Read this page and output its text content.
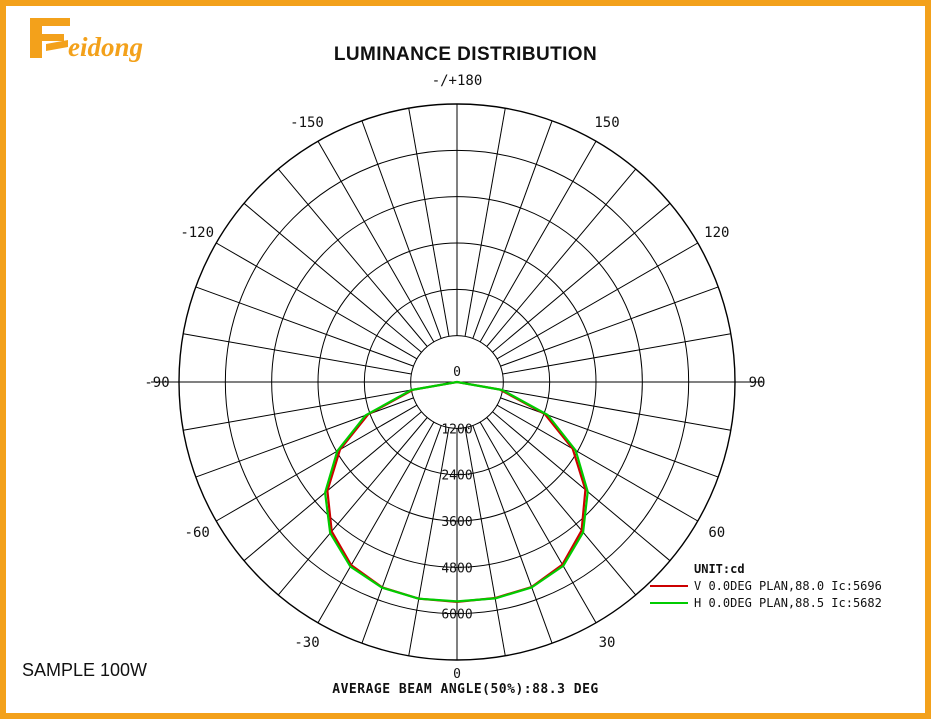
eidong	LUMINANCE DISTRIBUTION
0
1200
2400
3600
4800
6000
0
-/+180
-150	150
-120	120
-90	90
-60	60
-30	30
UNIT:cd
V 0.0DEG PLAN,88.0 Ic:5696
H 0.0DEG PLAN,88.5 Ic:5682
AVERAGE BEAM ANGLE(50%):88.3 DEG
SAMPLE 100W
